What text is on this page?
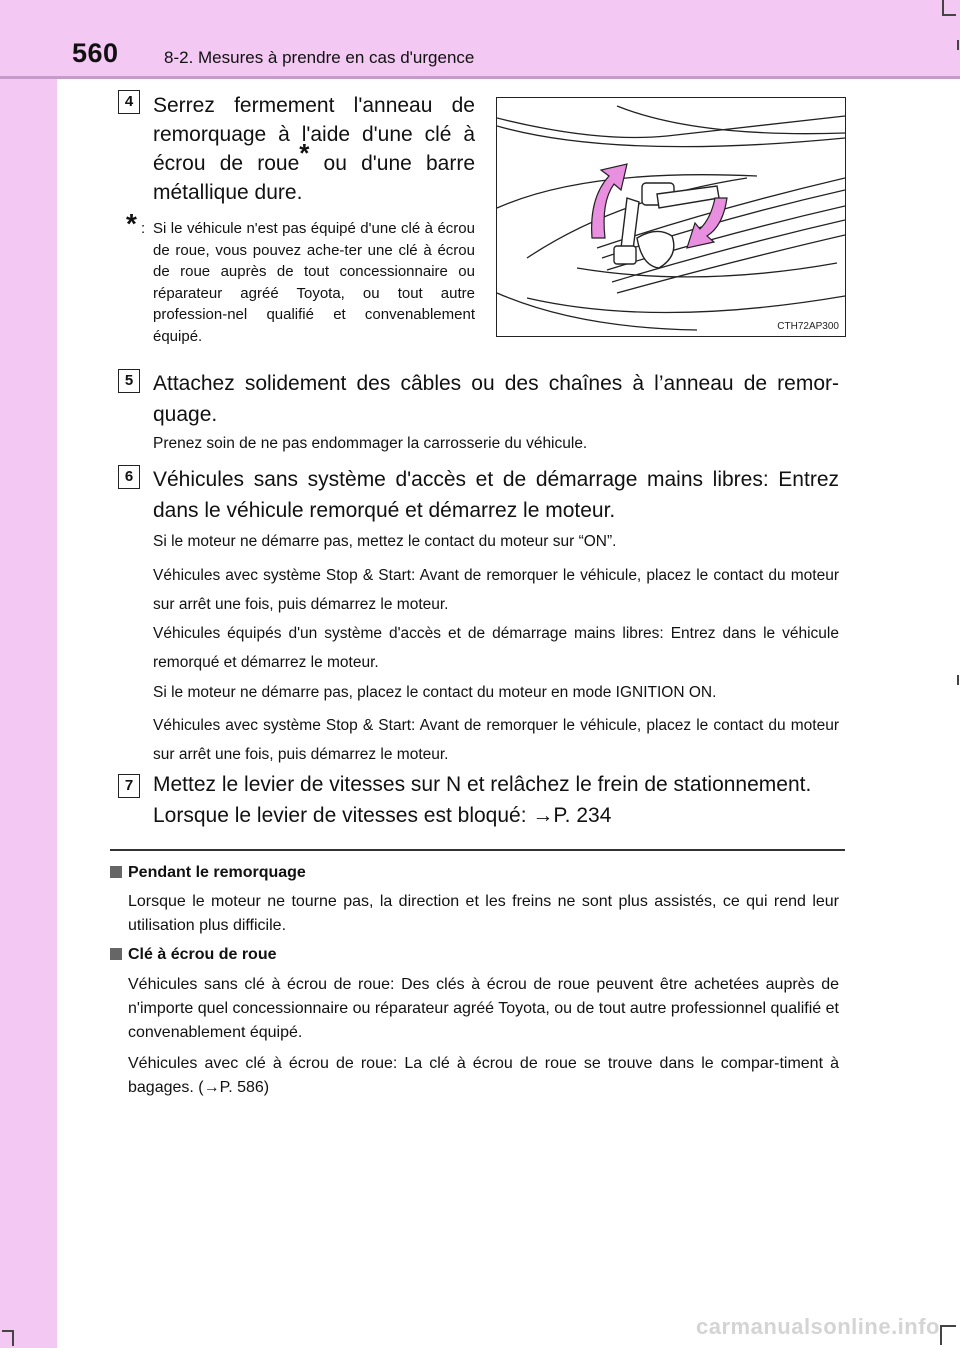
560	8-2. Mesures à prendre en cas d'urgence
4 Serrez fermement l'anneau de
remorquage à l'aide d'une clé à
écrou de roue* ou d'une barre
métallique dure.
* : Si le véhicule n'est pas équipé d'une clé à écrou de roue, vous pouvez ache-ter une clé à écrou de roue auprès de tout concessionnaire ou réparateur agréé Toyota, ou tout autre profession-nel qualifié et convenablement équipé.
CTH72AP300
5 Attachez solidement des câbles ou des chaînes à l’anneau de remor-quage.
Prenez soin de ne pas endommager la carrosserie du véhicule.
6 Véhicules sans système d'accès et de démarrage mains libres: Entrez dans le véhicule remorqué et démarrez le moteur.
Si le moteur ne démarre pas, mettez le contact du moteur sur “ON”.
Véhicules avec système Stop & Start: Avant de remorquer le véhicule, placez le contact du moteur sur arrêt une fois, puis démarrez le moteur.
Véhicules équipés d'un système d'accès et de démarrage mains libres: Entrez dans le véhicule remorqué et démarrez le moteur.
Si le moteur ne démarre pas, placez le contact du moteur en mode IGNITION ON.
Véhicules avec système Stop & Start: Avant de remorquer le véhicule, placez le contact du moteur sur arrêt une fois, puis démarrez le moteur.
7 Mettez le levier de vitesses sur N et relâchez le frein de stationnement.
Lorsque le levier de vitesses est bloqué: →P. 234
Pendant le remorquage
Lorsque le moteur ne tourne pas, la direction et les freins ne sont plus assistés, ce qui rend leur utilisation plus difficile.
Clé à écrou de roue
Véhicules sans clé à écrou de roue: Des clés à écrou de roue peuvent être achetées auprès de n'importe quel concessionnaire ou réparateur agréé Toyota, ou de tout autre professionnel qualifié et convenablement équipé.
Véhicules avec clé à écrou de roue: La clé à écrou de roue se trouve dans le compar-timent à bagages. (→P. 586)
carmanualsonline.info
